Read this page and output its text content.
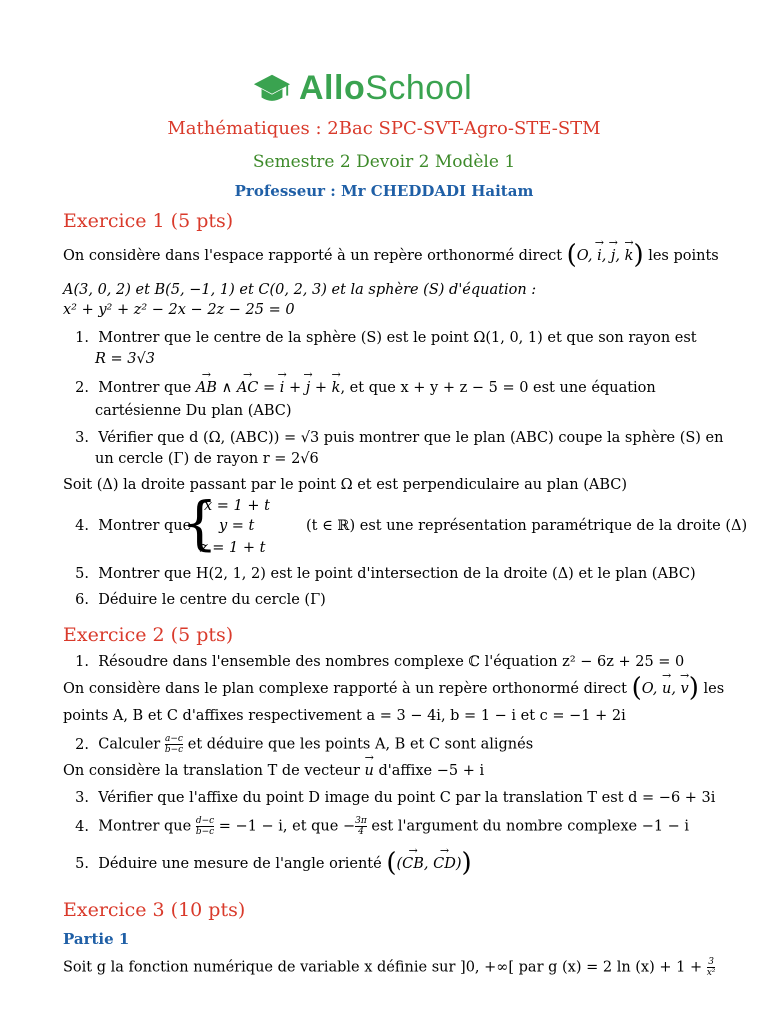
AlloSchool
Mathématiques : 2Bac SPC-SVT-Agro-STE-STM
Semestre 2 Devoir 2 Modèle 1
Professeur : Mr CHEDDADI Haitam
Exercice 1 (5 pts)
On considère dans l'espace rapporté à un repère orthonormé direct (O, → i, → j, → k) les points
A(3, 0, 2) et B(5, −1, 1) et C(0, 2, 3) et la sphère (S) d'équation :
x² + y² + z² − 2x − 2z − 25 = 0
1. Montrer que le centre de la sphère (S) est le point Ω(1, 0, 1) et que son rayon est
R = 3√3
2. Montrer que → AB ∧ → AC = → i + → j + → k, et que x + y + z − 5 = 0 est une équation
cartésienne Du plan (ABC)
3. Vérifier que d (Ω, (ABC)) = √3 puis montrer que le plan (ABC) coupe la sphère (S) en
un cercle (Γ) de rayon r = 2√6
Soit (Δ) la droite passant par le point Ω et est perpendiculaire au plan (ABC)
4. Montrer que
{
x = 1 + t
y = t
z = 1 + t
(t ∈ ℝ) est une représentation paramétrique de la droite (Δ)
5. Montrer que H(2, 1, 2) est le point d'intersection de la droite (Δ) et le plan (ABC)
6. Déduire le centre du cercle (Γ)
Exercice 2 (5 pts)
1. Résoudre dans l'ensemble des nombres complexe ℂ l'équation z² − 6z + 25 = 0
On considère dans le plan complexe rapporté à un repère orthonormé direct (O, → u, → v) les
points A, B et C d'affixes respectivement a = 3 − 4i, b = 1 − i et c = −1 + 2i
2. Calculer $\frac{a-c}{b-c}$ et déduire que les points A, B et C sont alignés
On considère la translation T de vecteur → u d'affixe −5 + i
3. Vérifier que l'affixe du point D image du point C par la translation T est d = −6 + 3i
4. Montrer que $\frac{d-c}{b-c} = -1 - i$, et que − $\frac{3\pi}{4}$ est l'argument du nombre complexe −1 − i
5. Déduire une mesure de l'angle orienté ((→ CB, → CD))
Exercice 3 (10 pts)
Partie 1
Soit g la fonction numérique de variable x définie sur ]0, +∞[ par g (x) = 2 $\ln (x) + 1 + \frac{3}{\text{x²}}$
